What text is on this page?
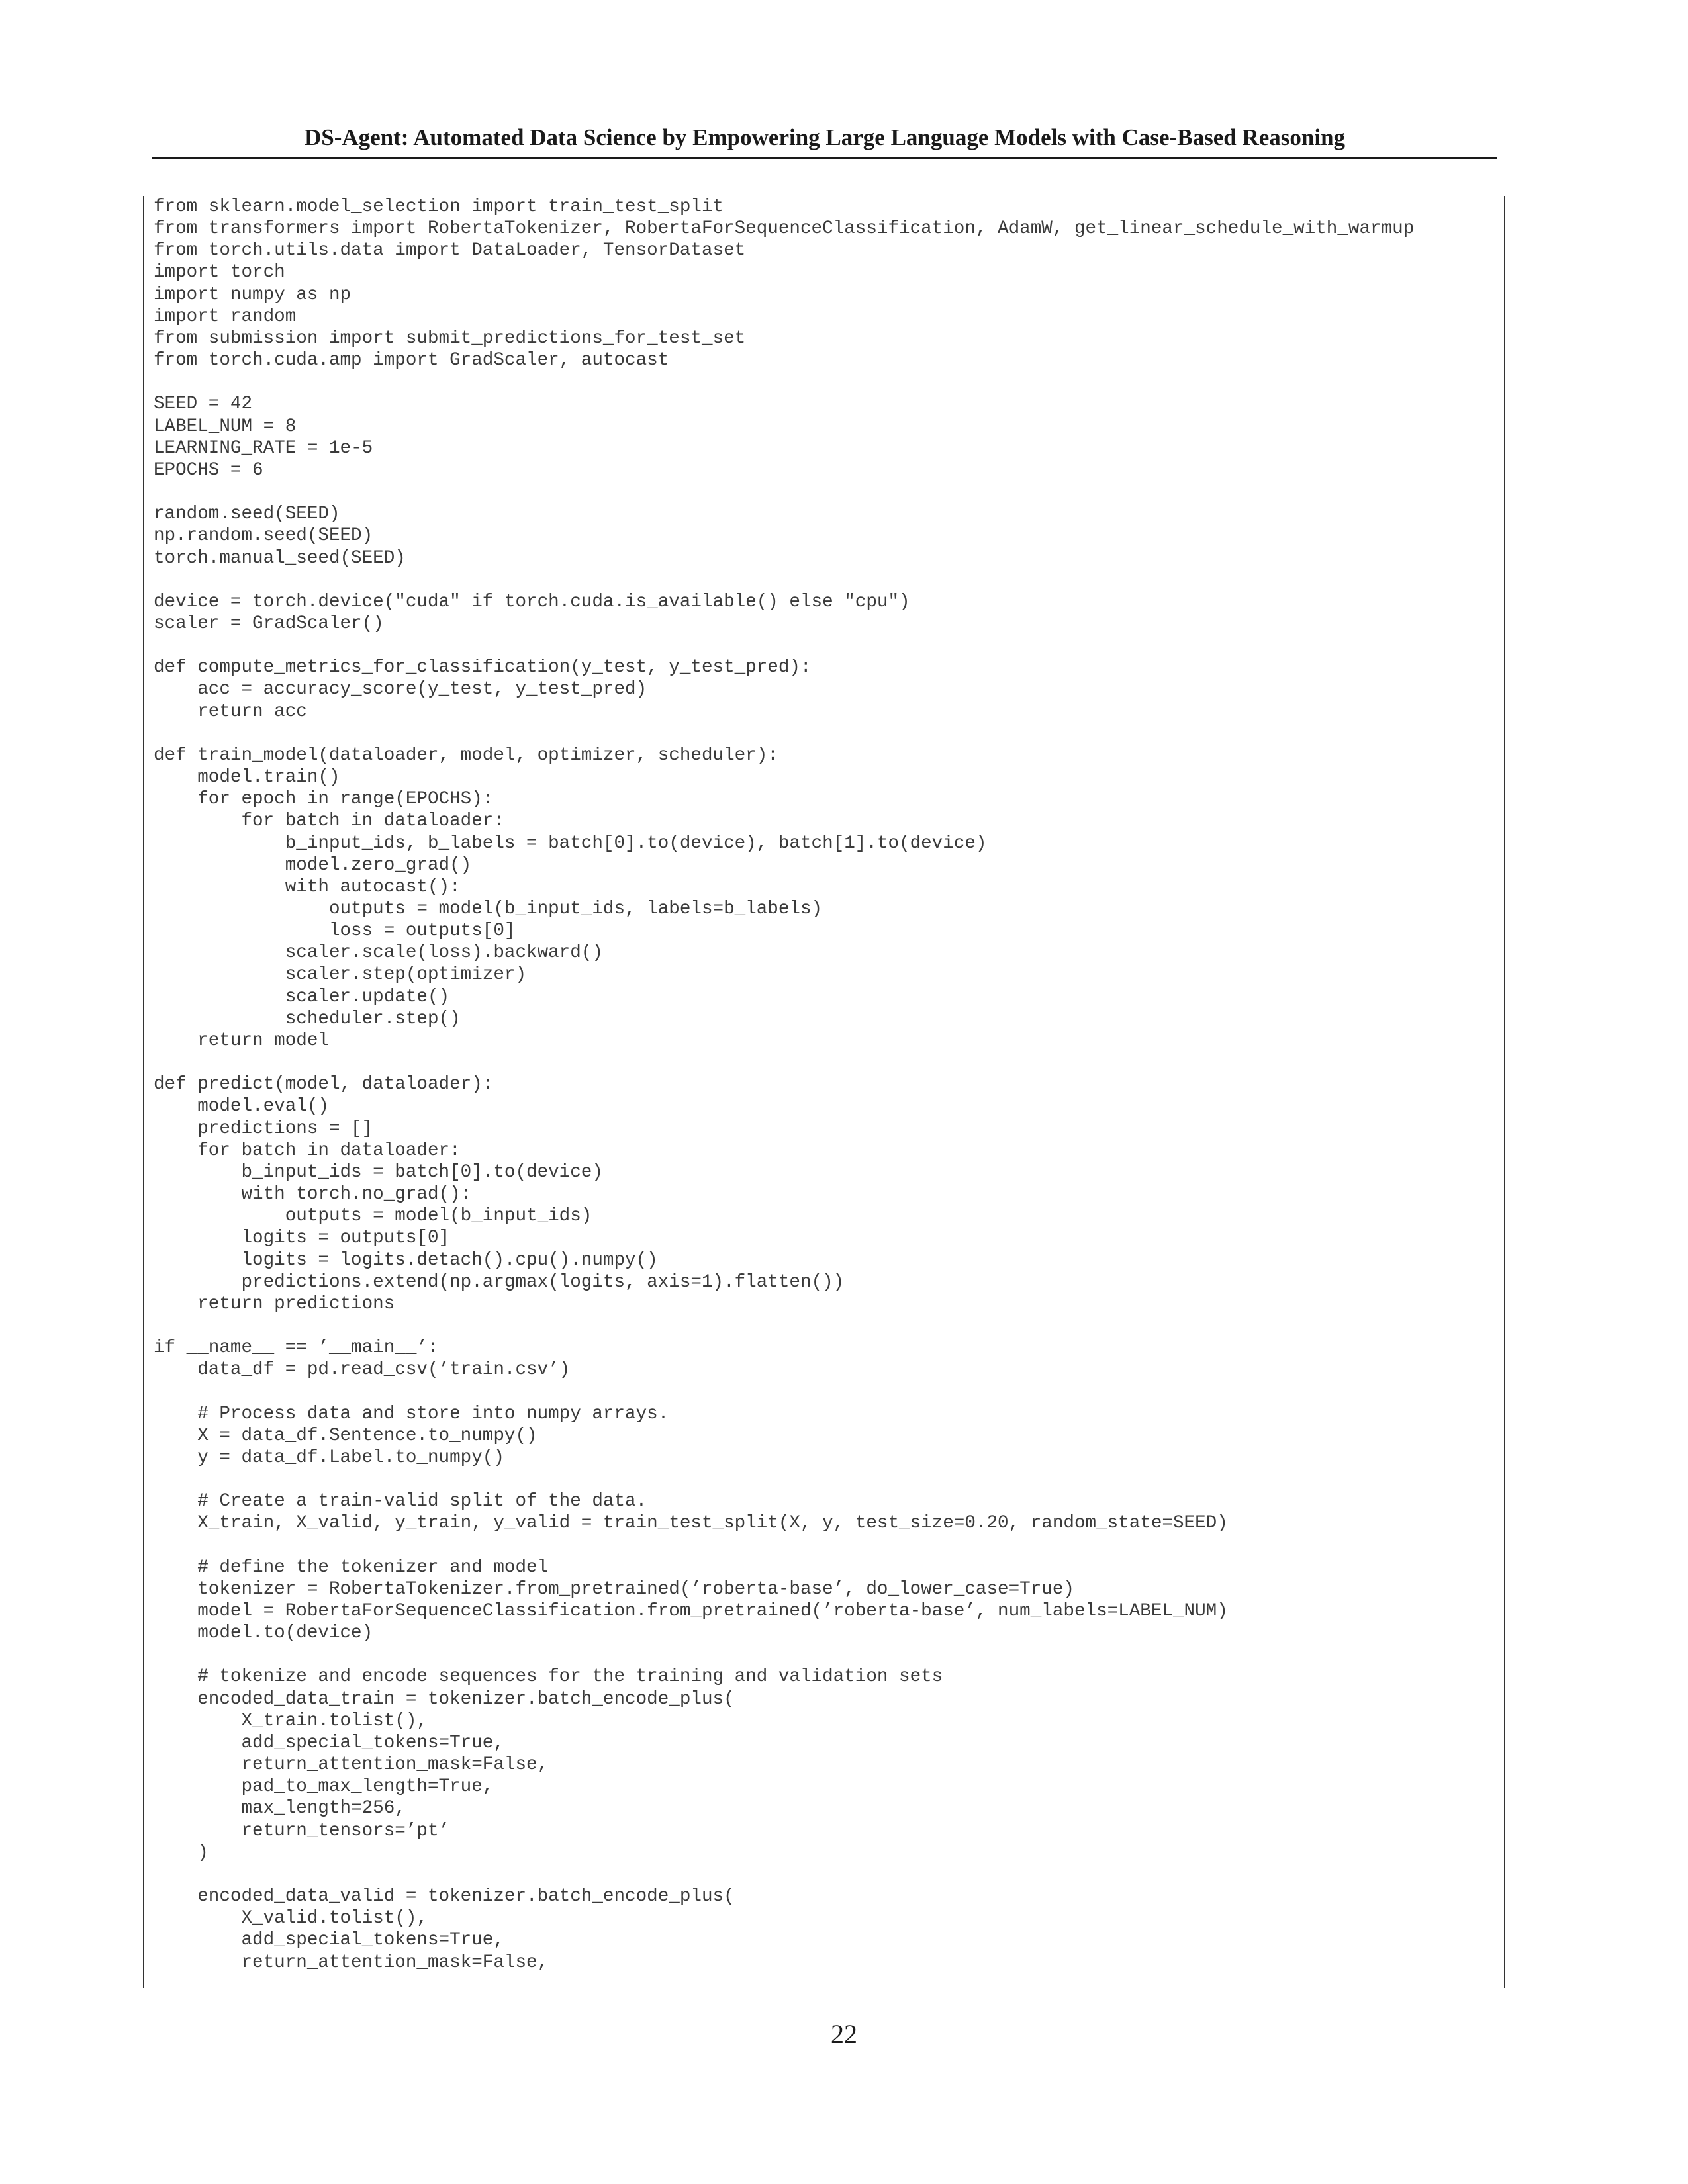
DS-Agent: Automated Data Science by Empowering Large Language Models with Case-Based Reasoning
from sklearn.model_selection import train_test_split
from transformers import RobertaTokenizer, RobertaForSequenceClassification, AdamW, get_linear_schedule_with_warmup
from torch.utils.data import DataLoader, TensorDataset
import torch
import numpy as np
import random
from submission import submit_predictions_for_test_set
from torch.cuda.amp import GradScaler, autocast
SEED = 42
LABEL_NUM = 8
LEARNING_RATE = 1e-5
EPOCHS = 6
random.seed(SEED)
np.random.seed(SEED)
torch.manual_seed(SEED)
device = torch.device("cuda" if torch.cuda.is_available() else "cpu")
scaler = GradScaler()
def compute_metrics_for_classification(y_test, y_test_pred):
acc = accuracy_score(y_test, y_test_pred)
return acc
def train_model(dataloader, model, optimizer, scheduler):
model.train()
for epoch in range(EPOCHS):
for batch in dataloader:
b_input_ids, b_labels = batch[0].to(device), batch[1].to(device)
model.zero_grad()
with autocast():
outputs = model(b_input_ids, labels=b_labels)
loss = outputs[0]
scaler.scale(loss).backward()
scaler.step(optimizer)
scaler.update()
scheduler.step()
return model
def predict(model, dataloader):
model.eval()
predictions = []
for batch in dataloader:
b_input_ids = batch[0].to(device)
with torch.no_grad():
outputs = model(b_input_ids)
logits = outputs[0]
logits = logits.detach().cpu().numpy()
predictions.extend(np.argmax(logits, axis=1).flatten())
return predictions
if __name__ == ’__main__’:
data_df = pd.read_csv(’train.csv’)
# Process data and store into numpy arrays.
X = data_df.Sentence.to_numpy()
y = data_df.Label.to_numpy()
# Create a train-valid split of the data.
X_train, X_valid, y_train, y_valid = train_test_split(X, y, test_size=0.20, random_state=SEED)
# define the tokenizer and model
tokenizer = RobertaTokenizer.from_pretrained(’roberta-base’, do_lower_case=True)
model = RobertaForSequenceClassification.from_pretrained(’roberta-base’, num_labels=LABEL_NUM)
model.to(device)
# tokenize and encode sequences for the training and validation sets
encoded_data_train = tokenizer.batch_encode_plus(
X_train.tolist(),
add_special_tokens=True,
return_attention_mask=False,
pad_to_max_length=True,
max_length=256,
return_tensors=’pt’
)
encoded_data_valid = tokenizer.batch_encode_plus(
X_valid.tolist(),
add_special_tokens=True,
return_attention_mask=False,
22
